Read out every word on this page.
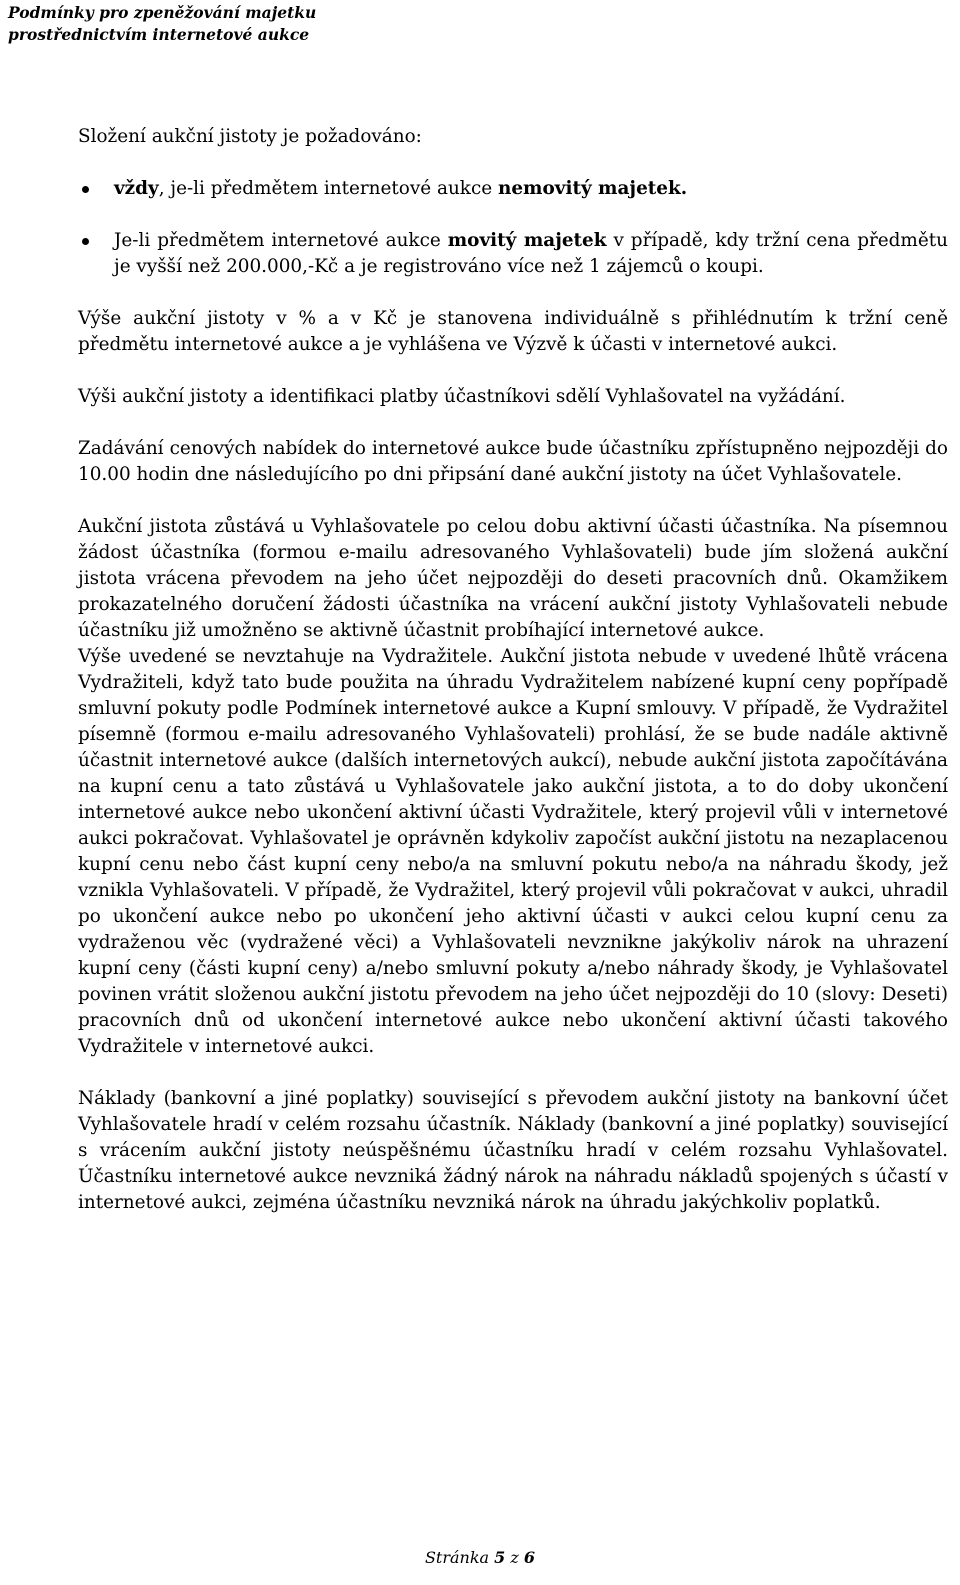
Podmínky pro zpeněžování majetku
prostřednictvím internetové aukce

Složení aukční jistoty je požadováno:

vždy, je-li předmětem internetové aukce nemovitý majetek.
Je-li předmětem internetové aukce movitý majetek v případě, kdy tržní cena předmětu je vyšší než 200.000,-Kč a je registrováno více než 1 zájemců o koupi.

Výše aukční jistoty v % a v Kč je stanovena individuálně s přihlédnutím k tržní ceně předmětu internetové aukce a je vyhlášena ve Výzvě k účasti v internetové aukci.

Výši aukční jistoty a identifikaci platby účastníkovi sdělí Vyhlašovatel na vyžádání.

Zadávání cenových nabídek do internetové aukce bude účastníku zpřístupněno nejpozději do 10.00 hodin dne následujícího po dni připsání dané aukční jistoty na účet Vyhlašovatele.

Aukční jistota zůstává u Vyhlašovatele po celou dobu aktivní účasti účastníka. Na písemnou žádost účastníka (formou e-mailu adresovaného Vyhlašovateli) bude jím složená aukční jistota vrácena převodem na jeho účet nejpozději do deseti pracovních dnů. Okamžikem prokazatelného doručení žádosti účastníka na vrácení aukční jistoty Vyhlašovateli nebude účastníku již umožněno se aktivně účastnit probíhající internetové aukce.

Výše uvedené se nevztahuje na Vydražitele. Aukční jistota nebude v uvedené lhůtě vrácena Vydražiteli, když tato bude použita na úhradu Vydražitelem nabízené kupní ceny popřípadě smluvní pokuty podle Podmínek internetové aukce a Kupní smlouvy. V případě, že Vydražitel písemně (formou e-mailu adresovaného Vyhlašovateli) prohlásí, že se bude nadále aktivně účastnit internetové aukce (dalších internetových aukcí), nebude aukční jistota započítávána na kupní cenu a tato zůstává u Vyhlašovatele jako aukční jistota, a to do doby ukončení internetové aukce nebo ukončení aktivní účasti Vydražitele, který projevil vůli v internetové aukci pokračovat. Vyhlašovatel je oprávněn kdykoliv započíst aukční jistotu na nezaplacenou kupní cenu nebo část kupní ceny nebo/a na smluvní pokutu nebo/a na náhradu škody, jež vznikla Vyhlašovateli. V případě, že Vydražitel, který projevil vůli pokračovat v aukci, uhradil po ukončení aukce nebo po ukončení jeho aktivní účasti v aukci celou kupní cenu za vydraženou věc (vydražené věci) a Vyhlašovateli nevznikne jakýkoliv nárok na uhrazení kupní ceny (části kupní ceny) a/nebo smluvní pokuty a/nebo náhrady škody, je Vyhlašovatel povinen vrátit složenou aukční jistotu převodem na jeho účet nejpozději do 10 (slovy: Deseti) pracovních dnů od ukončení internetové aukce nebo ukončení aktivní účasti takového Vydražitele v internetové aukci.

Náklady (bankovní a jiné poplatky) související s převodem aukční jistoty na bankovní účet Vyhlašovatele hradí v celém rozsahu účastník. Náklady (bankovní a jiné poplatky) související s vrácením aukční jistoty neúspěšnému účastníku hradí v celém rozsahu Vyhlašovatel. Účastníku internetové aukce nevzniká žádný nárok na náhradu nákladů spojených s účastí v internetové aukci, zejména účastníku nevzniká nárok na úhradu jakýchkoliv poplatků.

Stránka 5 z 6
